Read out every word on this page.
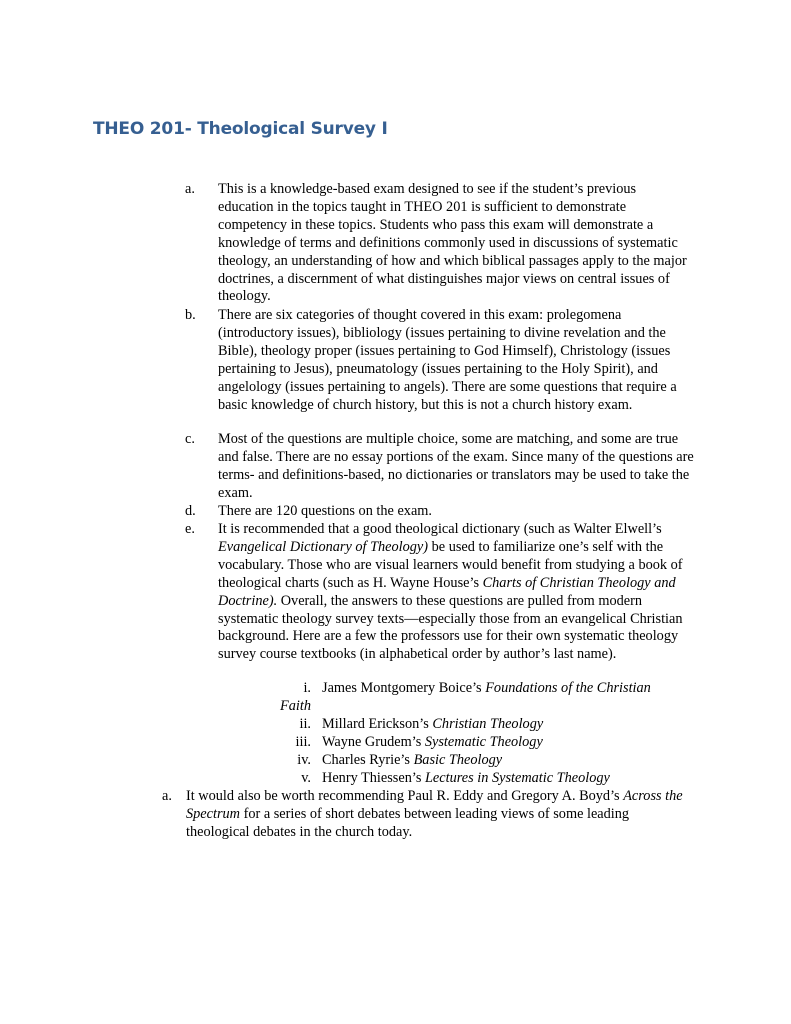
THEO 201- Theological Survey I
a. This is a knowledge-based exam designed to see if the student’s previous education in the topics taught in THEO 201 is sufficient to demonstrate competency in these topics. Students who pass this exam will demonstrate a knowledge of terms and definitions commonly used in discussions of systematic theology, an understanding of how and which biblical passages apply to the major doctrines, a discernment of what distinguishes major views on central issues of theology.

b. There are six categories of thought covered in this exam: prolegomena (introductory issues), bibliology (issues pertaining to divine revelation and the Bible), theology proper (issues pertaining to God Himself), Christology (issues pertaining to Jesus), pneumatology (issues pertaining to the Holy Spirit), and angelology (issues pertaining to angels). There are some questions that require a basic knowledge of church history, but this is not a church history exam.

c. Most of the questions are multiple choice, some are matching, and some are true and false. There are no essay portions of the exam. Since many of the questions are terms- and definitions-based, no dictionaries or translators may be used to take the exam.

d. There are 120 questions on the exam.

e. It is recommended that a good theological dictionary (such as Walter Elwell’s Evangelical Dictionary of Theology) be used to familiarize one’s self with the vocabulary. Those who are visual learners would benefit from studying a book of theological charts (such as H. Wayne House’s Charts of Christian Theology and Doctrine). Overall, the answers to these questions are pulled from modern systematic theology survey texts—especially those from an evangelical Christian background. Here are a few the professors use for their own systematic theology survey course textbooks (in alphabetical order by author’s last name).

i. James Montgomery Boice’s Foundations of the Christian
Faith
ii. Millard Erickson’s Christian Theology
iii. Wayne Grudem’s Systematic Theology
iv. Charles Ryrie’s Basic Theology
v. Henry Thiessen’s Lectures in Systematic Theology
a. It would also be worth recommending Paul R. Eddy and Gregory A. Boyd’s Across the Spectrum for a series of short debates between leading views of some leading theological debates in the church today.
